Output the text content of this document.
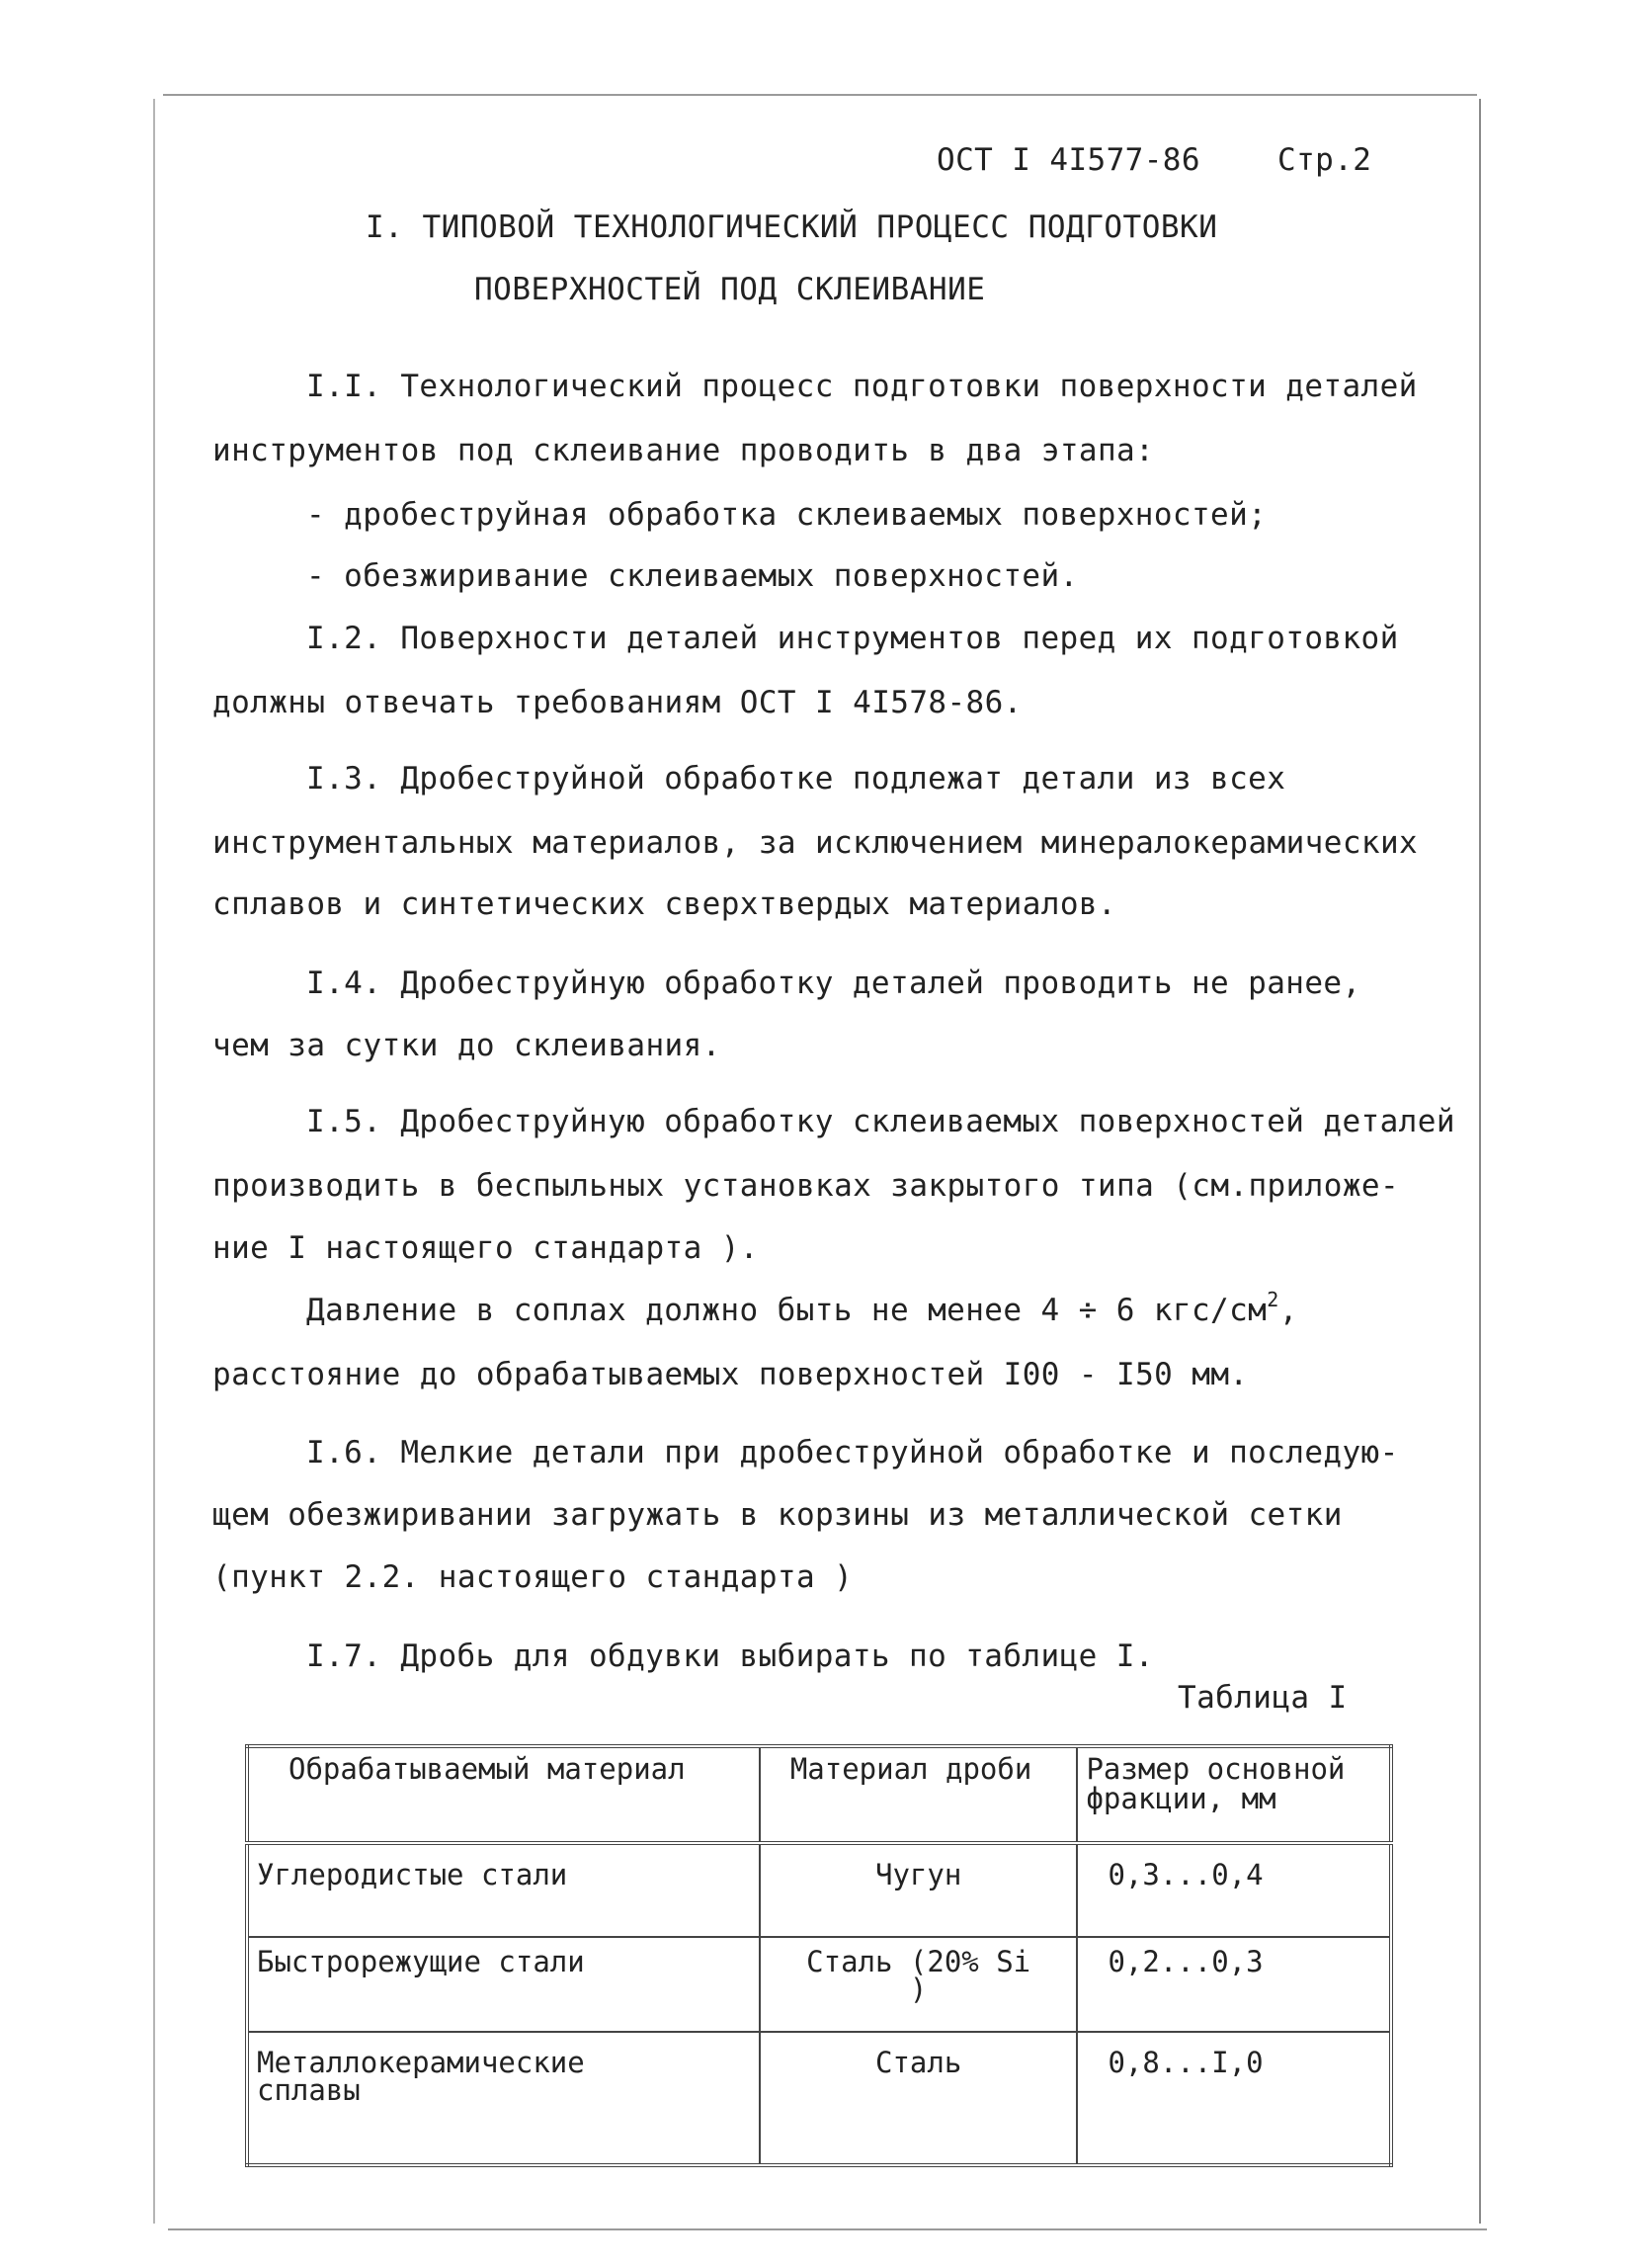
ОСТ I 4I577-86	Стр.2
I. ТИПОВОЙ ТЕХНОЛОГИЧЕСКИЙ ПРОЦЕСС ПОДГОТОВКИ
ПОВЕРХНОСТЕЙ ПОД СКЛЕИВАНИЕ
I.I. Технологический процесс подготовки поверхности деталей
инструментов под склеивание проводить в два этапа:
- дробеструйная обработка склеиваемых поверхностей;
- обезжиривание склеиваемых поверхностей.
I.2. Поверхности деталей инструментов перед их подготовкой
должны отвечать требованиям ОСТ I 4I578-86.
I.3. Дробеструйной обработке подлежат детали из всех
инструментальных материалов, за исключением минералокерамических
сплавов и синтетических сверхтвердых материалов.
I.4. Дробеструйную обработку деталей проводить не ранее,
чем за сутки до склеивания.
I.5. Дробеструйную обработку склеиваемых поверхностей деталей
производить в беспыльных установках закрытого типа (см.приложе-
ние I настоящего стандарта ).
Давление в соплах должно быть не менее 4 ÷ 6 кгс/$см^2$,
расстояние до обрабатываемых поверхностей I00 - I50 мм.
I.6. Мелкие детали при дробеструйной обработке и последую-
щем обезжиривании загружать в корзины из металлической сетки
(пункт 2.2. настоящего стандарта )
I.7. Дробь для обдувки выбирать по таблице I.
Таблица I
Обрабатываемый материал	Материал дроби	Размер основной фракции, мм
Углеродистые стали	Чугун	0,3...0,4
Быстрорежущие стали	Сталь (20% Si )	0,2...0,3
Металлокерамические сплавы	Сталь	0,8...I,0
